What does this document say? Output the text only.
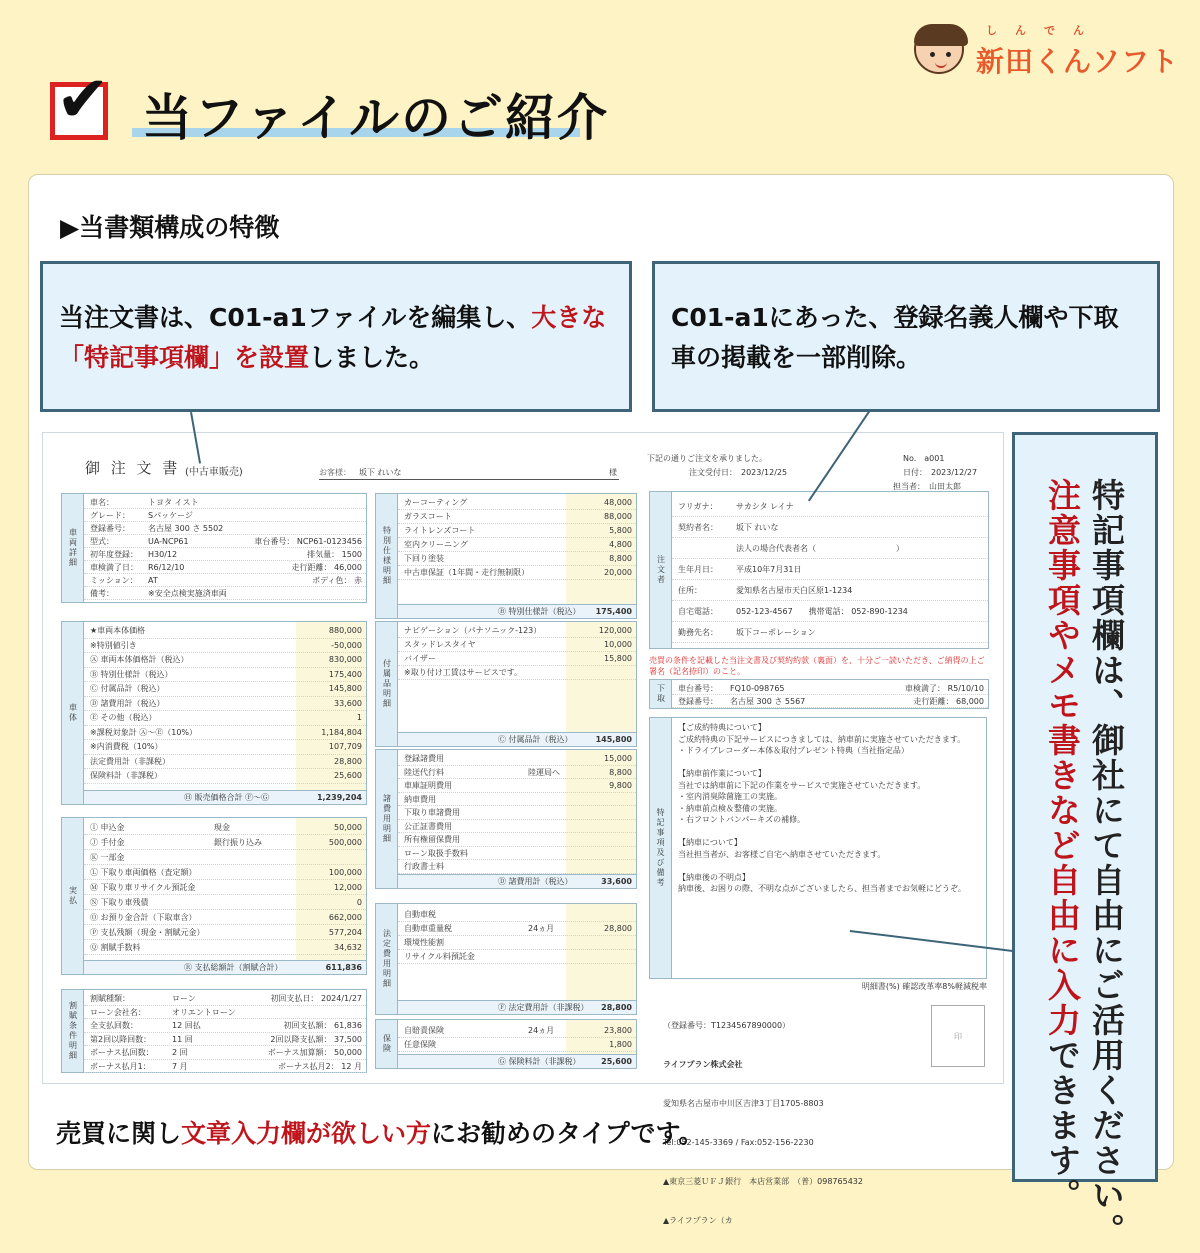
しんでん
新田くんソフト
✔ 当ファイルのご紹介
▶当書類構成の特徴
当注文書は、C01-a1ファイルを編集し、大きな「特記事項欄」を設置しました。
C01-a1にあった、登録名義人欄や下取車の掲載を一部削除。
御 注 文 書 (中古車販売)	お客様： 坂下 れいな	様
下記の通りご注文を承りました。	No.　a001
注文受付日：　2023/12/25	日付：　2023/12/27
担当者：　山田太郎
車両詳細
車名：	トヨタ イスト
グレード： Sパッケージ
登録番号： 名古屋 300 さ 5502
型式：	UA-NCP61	車台番号： NCP61-0123456
初年度登録： H30/12	排気量： 1500
車検満了日： R6/12/10	走行距離： 46,000
ミッション： AT	ボディ色： 赤
備考：	※安全点検実施済車両
車体
★車両本体価格	880,000
※特別値引き	-50,000
Ⓐ 車両本体価格計（税込）	830,000
Ⓑ 特別仕様計（税込）	175,400
Ⓒ 付属品計（税込）	145,800
Ⓓ 諸費用計（税込）	33,600
Ⓔ その他（税込）	1
※課税対象計 Ⓐ〜Ⓔ（10%）	1,184,804
※内消費税（10%）	107,709
法定費用計（非課税）	28,800
保険料計（非課税）	25,600
Ⓗ 販売価格合計 Ⓕ〜Ⓖ	1,239,204
実払
Ⓘ 申込金	現金	50,000
Ⓙ 手付金	銀行振り込み	500,000
Ⓚ 一部金
Ⓛ 下取り車両価格（査定額）	100,000
Ⓜ 下取り車リサイクル預託金	12,000
Ⓝ 下取り車残債	0
Ⓞ お預り金合計（下取車含）	662,000
Ⓟ 支払残額（現金・割賦元金）	577,204
Ⓠ 割賦手数料	34,632
Ⓡ 支払総額計（割賦合計）	611,836
割賦条件明細
割賦種類：	ローン	初回支払日： 2024/1/27
ローン会社名：	オリエントローン
全支払回数：	12 回払	初回支払額： 61,836
第2回以降回数：	11 回	2回以降支払額： 37,500
ボーナス払回数： 2 回	ボーナス加算額： 50,000
ボーナス払月1：	7 月	ボーナス払月2： 12 月
特別仕様明細
カーコーティング	48,000
ガラスコート	88,000
ライトレンズコート	5,800
室内クリーニング	4,800
下回り塗装	8,800
中古車保証（1年間・走行無制限）	20,000
Ⓑ 特別仕様計（税込） 175,400
付属品明細
ナビゲーション（パナソニック-123）	120,000
スタッドレスタイヤ	10,000
バイザー	15,800
※取り付け工賃はサービスです。
Ⓒ 付属品計（税込）	145,800
諸費用明細
登録諸費用	15,000
陸送代行料	陸運局へ	8,800
車庫証明費用	9,800
納車費用
下取り車諸費用
公正証書費用
所有権留保費用
ローン取扱手数料
行政書士料
Ⓓ 諸費用計（税込）	33,600
法定費用明細
自動車税
自動車重量税	24ヵ月	28,800
環境性能割
リサイクル料預託金
Ⓕ 法定費用計（非課税） 28,800
保険
自賠責保険	24ヵ月	23,800
任意保険	1,800
Ⓖ 保険料計（非課税）	25,600
注文者
フリガナ： サカシタ レイナ
契約者名： 坂下 れいな
法人の場合代表者名（　　　　　　　　　　）
生年月日： 平成10年7月31日
住所：	愛知県名古屋市天白区原1-1234
自宅電話： 052-123-4567　　携帯電話： 052-890-1234
勤務先名： 坂下コーポレーション
売買の条件を記載した当注文書及び契約約款（裏面）を、十分ご一読いただき、ご納得の上ご署名（記名捺印）のこと。
下取	車台番号： FQ10-098765	車検満了： R5/10/10
登録番号： 名古屋 300 さ 5567	走行距離： 68,000
特記事項及び備考
【ご成約特典について】
ご成約特典の下記サービスにつきましては、納車前に実施させていただきます。
・ドライブレコーダー本体＆取付プレゼント特典（当社指定品）

【納車前作業について】
当社では納車前に下記の作業をサービスで実施させていただきます。
・室内消臭除菌施工の実施。
・納車前点検＆整備の実施。
・右フロントバンパーキズの補修。

【納車について】
当社担当者が、お客様ご自宅へ納車させていただきます。

【納車後の不明点】
納車後、お困りの際、不明な点がございましたら、担当者までお気軽にどうぞ。
明細書(%) 確認改革率8%軽減税率

（登録番号：T1234567890000）

ライフプラン株式会社

愛知県名古屋市中川区吉津3丁目1705-8803

Tel:052-145-3369 / Fax:052-156-2230

▲東京三菱ＵＦＪ銀行　本店営業部　（普）098765432

▲ライフプラン（カ

印	特記事項欄は、御社にて自由にご活用ください。
注意事項やメモ書きなど自由に入力できます。
売買に関し文章入力欄が欲しい方にお勧めのタイプです。
